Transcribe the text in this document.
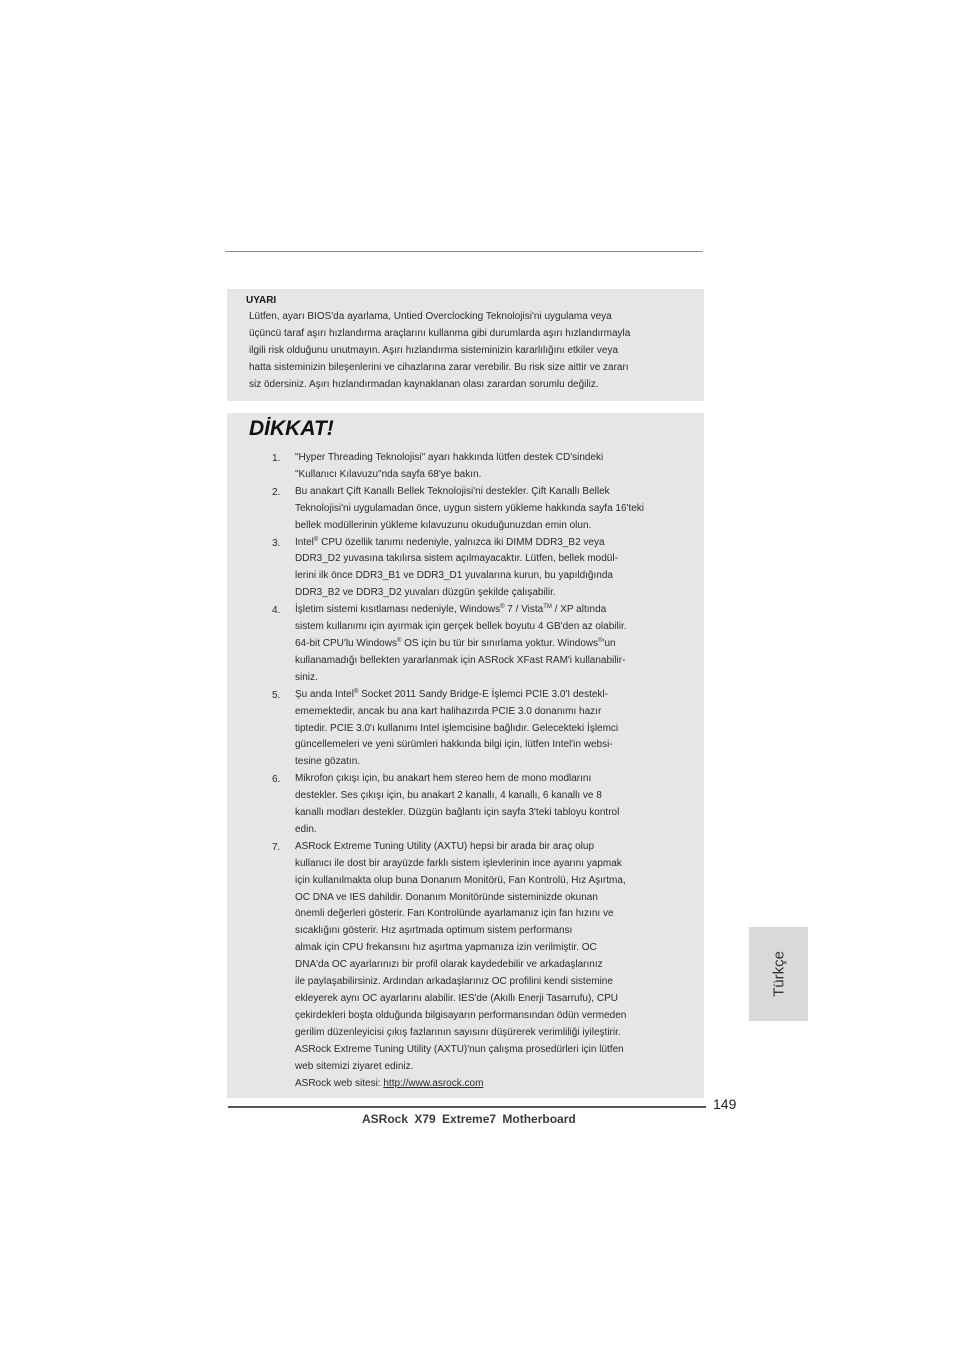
UYARI
Lütfen, ayarı BIOS'da ayarlama, Untied Overclocking Teknolojisi'ni uygulama veya
üçüncü taraf aşırı hızlandırma araçlarını kullanma gibi durumlarda aşırı hızlandırmayla
ilgili risk olduğunu unutmayın. Aşırı hızlandırma sisteminizin kararlılığını etkiler veya
hatta sisteminizin bileşenlerini ve cihazlarına zarar verebilir. Bu risk size aittir ve zararı
siz ödersiniz. Aşırı hızlandırmadan kaynaklanan olası zarardan sorumlu değiliz.
DİKKAT!
1.	"Hyper Threading Teknolojisi" ayarı hakkında lütfen destek CD'sindeki
"Kullanıcı Kılavuzu"nda sayfa 68'ye bakın.
2.	Bu anakart Çift Kanallı Bellek Teknolojisi'ni destekler. Çift Kanallı Bellek
Teknolojisi'ni uygulamadan önce, uygun sistem yükleme hakkında sayfa 16'teki
bellek modüllerinin yükleme kılavuzunu okuduğunuzdan emin olun.
3.	Intel® CPU özellik tanımı nedeniyle, yalnızca iki DIMM DDR3_B2 veya
DDR3_D2 yuvasına takılırsa sistem açılmayacaktır. Lütfen, bellek modül-
lerini ilk önce DDR3_B1 ve DDR3_D1 yuvalarına kurun, bu yapıldığında
DDR3_B2 ve DDR3_D2 yuvaları düzgün şekilde çalışabilir.
4.	İşletim sistemi kısıtlaması nedeniyle, Windows® 7 / Vista™ / XP altında
sistem kullanımı için ayırmak için gerçek bellek boyutu 4 GB'den az olabilir.
64-bit CPU'lu Windows® OS için bu tür bir sınırlama yoktur. Windows®'un
kullanamadığı bellekten yararlanmak için ASRock XFast RAM'i kullanabilir-
siniz.
5.	Şu anda Intel® Socket 2011 Sandy Bridge-E İşlemci PCIE 3.0'I destekl-
ememektedir, ancak bu ana kart halihazırda PCIE 3.0 donanımı hazır
tiptedir. PCIE 3.0'ı kullanımı Intel işlemcisine bağlıdır. Gelecekteki İşlemci
güncellemeleri ve yeni sürümleri hakkında bilgi için, lütfen Intel'in websi-
tesine gözatın.
6.	Mikrofon çıkışı için, bu anakart hem stereo hem de mono modlarını
destekler. Ses çıkışı için, bu anakart 2 kanallı, 4 kanallı, 6 kanallı ve 8
kanallı modları destekler. Düzgün bağlantı için sayfa 3'teki tabloyu kontrol
edin.
7.	ASRock Extreme Tuning Utility (AXTU) hepsi bir arada bir araç olup
kullanıcı ile dost bir arayüzde farklı sistem işlevlerinin ince ayarını yapmak
için kullanılmakta olup buna Donanım Monitörü, Fan Kontrolü, Hız Aşırtma,
OC DNA ve IES dahildir. Donanım Monitöründe sisteminizde okunan
önemli değerleri gösterir. Fan Kontrolünde ayarlamanız için fan hızını ve
sıcaklığını gösterir. Hız aşırtmada optimum sistem performansı
almak için CPU frekansını hız aşırtma yapmanıza izin verilmiştir. OC
DNA'da OC ayarlarınızı bir profil olarak kaydedebilir ve arkadaşlarınız
ile paylaşabilirsiniz. Ardından arkadaşlarınız OC profilini kendi sistemine
ekleyerek aynı OC ayarlarını alabilir. IES'de (Akıllı Enerji Tasarrufu), CPU
çekirdekleri boşta olduğunda bilgisayarın performansından ödün vermeden
gerilim düzenleyicisi çıkış fazlarının sayısını düşürerek verimliliği iyileştirir.
ASRock Extreme Tuning Utility (AXTU)'nun çalışma prosedürleri için lütfen
web sitemizi ziyaret ediniz.
ASRock web sitesi: http://www.asrock.com
149
ASRock X79 Extreme7 Motherboard
Türkçe
